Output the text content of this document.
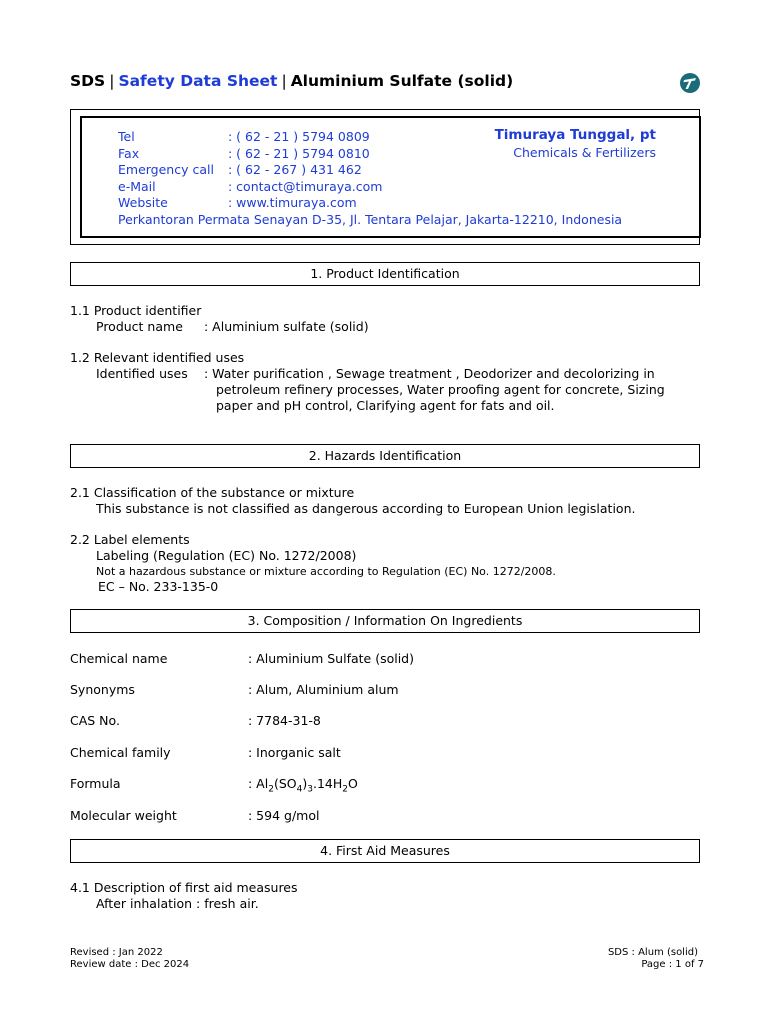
SDS | Safety Data Sheet | Aluminium Sulfate (solid)
Tel	: ( 62 - 21 ) 5794 0809
Fax	: ( 62 - 21 ) 5794 0810
Emergency call : ( 62 - 267 ) 431 462
e-Mail	: contact@timuraya.com
Website	: www.timuraya.com
Timuraya Tunggal, pt
Chemicals & Fertilizers
Perkantoran Permata Senayan D-35, Jl. Tentara Pelajar, Jakarta-12210, Indonesia
1. Product Identification
1.1 Product identifier
Product name : Aluminium sulfate (solid)
1.2 Relevant identified uses
Identified uses : Water purification , Sewage treatment , Deodorizer and decolorizing in
petroleum refinery processes, Water proofing agent for concrete, Sizing
paper and pH control, Clarifying agent for fats and oil.
2. Hazards Identification
2.1 Classification of the substance or mixture
This substance is not classified as dangerous according to European Union legislation.
2.2 Label elements
Labeling (Regulation (EC) No. 1272/2008)
Not a hazardous substance or mixture according to Regulation (EC) No. 1272/2008.
EC – No. 233-135-0
3. Composition / Information On Ingredients
Chemical name	: Aluminium Sulfate (solid)
Synonyms	: Alum, Aluminium alum
CAS No.	: 7784-31-8
Chemical family	: Inorganic salt
Formula	: $Al_2(SO_4)_3.14H_2O$
Molecular weight	: 594 g/mol
4. First Aid Measures
4.1 Description of first aid measures
After inhalation : fresh air.
Revised : Jan 2022
Review date : Dec 2024
SDS : Alum (solid)
Page : 1 of 7
